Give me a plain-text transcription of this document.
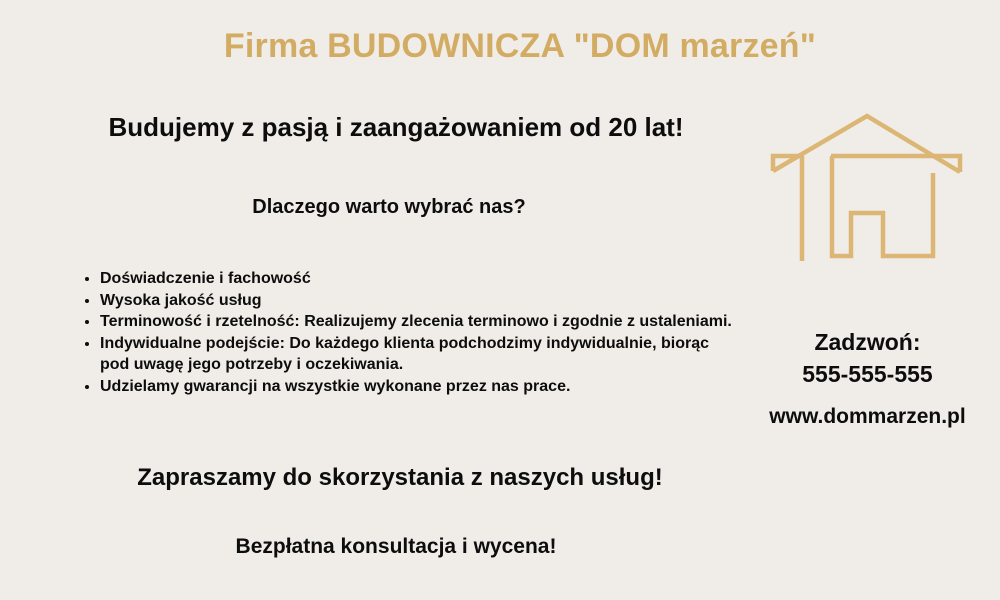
Firma BUDOWNICZA "DOM marzeń"
Budujemy z pasją i zaangażowaniem od 20 lat!
Dlaczego warto wybrać nas?
• Doświadczenie i fachowość
• Wysoka jakość usług
• Terminowość i rzetelność: Realizujemy zlecenia terminowo i zgodnie z ustaleniami.
• Indywidualne podejście: Do każdego klienta podchodzimy indywidualnie, biorąc pod uwagę jego potrzeby i oczekiwania.
• Udzielamy gwarancji na wszystkie wykonane przez nas prace.
Zapraszamy do skorzystania z naszych usług!
Bezpłatna konsultacja i wycena!
Zadzwoń:
555-555-555
www.dommarzen.pl
